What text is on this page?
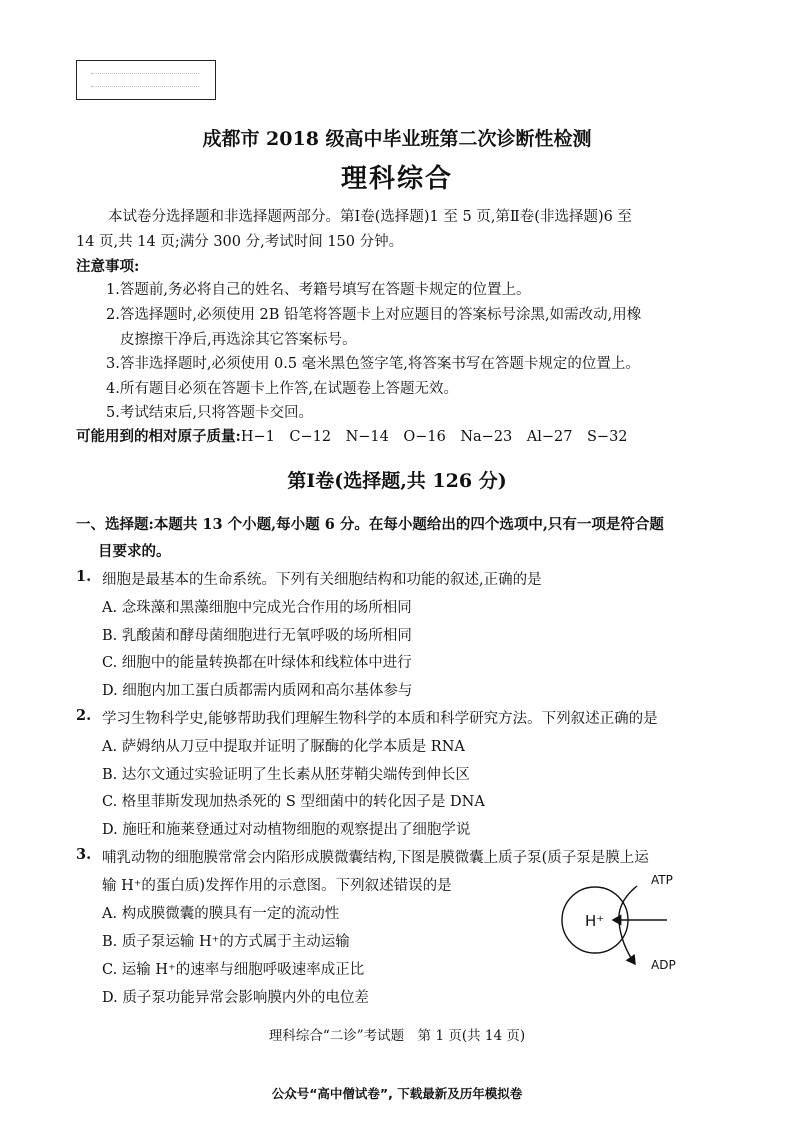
成都市 2018 级高中毕业班第二次诊断性检测
理科综合
本试卷分选择题和非选择题两部分。第Ⅰ卷(选择题)1 至 5 页,第Ⅱ卷(非选择题)6 至
14 页,共 14 页;满分 300 分,考试时间 150 分钟。
注意事项:
1.答题前,务必将自己的姓名、考籍号填写在答题卡规定的位置上。
2.答选择题时,必须使用 2B 铅笔将答题卡上对应题目的答案标号涂黑,如需改动,用橡
皮擦擦干净后,再选涂其它答案标号。
3.答非选择题时,必须使用 0.5 毫米黑色签字笔,将答案书写在答题卡规定的位置上。
4.所有题目必须在答题卡上作答,在试题卷上答题无效。
5.考试结束后,只将答题卡交回。
可能用到的相对原子质量:H−1　C−12　N−14　O−16　Na−23　Al−27　S−32
第Ⅰ卷(选择题,共 126 分)
一、选择题:本题共 13 个小题,每小题 6 分。在每小题给出的四个选项中,只有一项是符合题
目要求的。
1. 细胞是最基本的生命系统。下列有关细胞结构和功能的叙述,正确的是
A. 念珠藻和黑藻细胞中完成光合作用的场所相同
B. 乳酸菌和酵母菌细胞进行无氧呼吸的场所相同
C. 细胞中的能量转换都在叶绿体和线粒体中进行
D. 细胞内加工蛋白质都需内质网和高尔基体参与
2. 学习生物科学史,能够帮助我们理解生物科学的本质和科学研究方法。下列叙述正确的是
A. 萨姆纳从刀豆中提取并证明了脲酶的化学本质是 RNA
B. 达尔文通过实验证明了生长素从胚芽鞘尖端传到伸长区
C. 格里菲斯发现加热杀死的 S 型细菌中的转化因子是 DNA
D. 施旺和施莱登通过对动植物细胞的观察提出了细胞学说
3. 哺乳动物的细胞膜常常会内陷形成膜微囊结构,下图是膜微囊上质子泵(质子泵是膜上运
输 H⁺的蛋白质)发挥作用的示意图。下列叙述错误的是
A. 构成膜微囊的膜具有一定的流动性
B. 质子泵运输 H⁺的方式属于主动运输
C. 运输 H⁺的速率与细胞呼吸速率成正比
D. 质子泵功能异常会影响膜内外的电位差
H⁺
ATP
ADP
理科综合“二诊”考试题　第 1 页(共 14 页)
公众号“高中僧试卷”, 下载最新及历年模拟卷
